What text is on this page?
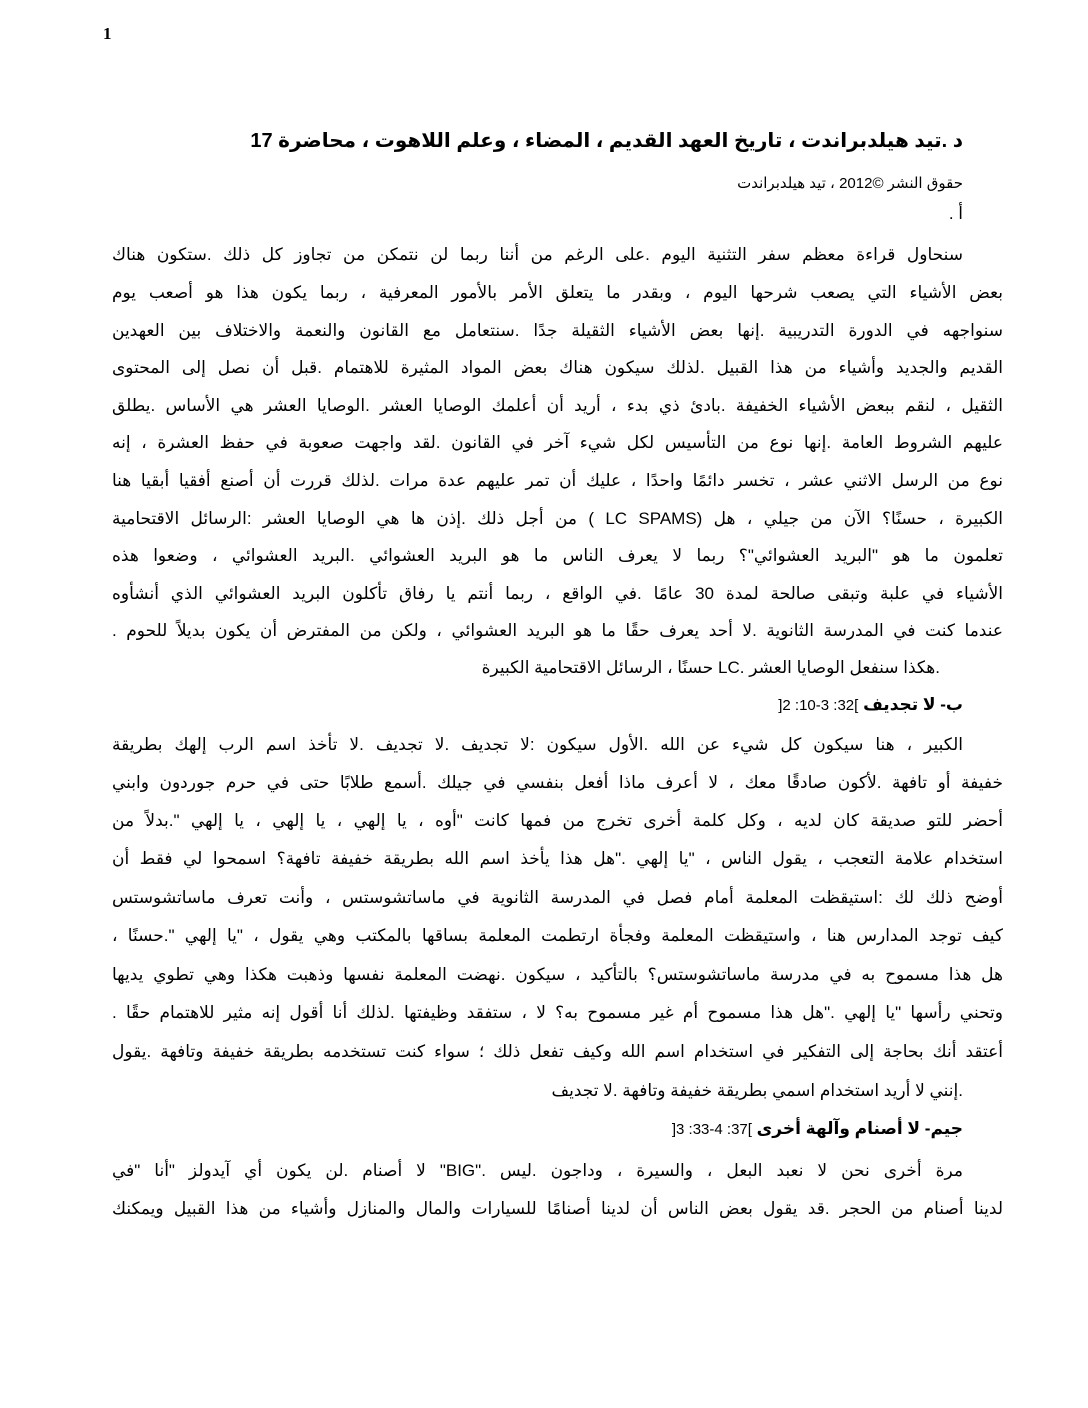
1
د .تيد هيلدبراندت ، تاريخ العهد القديم ، المضاء ، وعلم اللاهوت ، محاضرة 17
حقوق النشر ©2012 ، تيد هيلدبراندت
أ .
سنحاول قراءة معظم سفر التثنية اليوم .على الرغم من أننا ربما لن نتمكن من تجاوز كل ذلك .ستكون هناك
بعض الأشياء التي يصعب شرحها اليوم ، وبقدر ما يتعلق الأمر بالأمور المعرفية ، ربما يكون هذا هو أصعب يوم
سنواجهه في الدورة التدريبية .إنها بعض الأشياء الثقيلة جدًا .سنتعامل مع القانون والنعمة والاختلاف بين العهدين
القديم والجديد وأشياء من هذا القبيل .لذلك سيكون هناك بعض المواد المثيرة للاهتمام .قبل أن نصل إلى المحتوى
الثقيل ، لنقم ببعض الأشياء الخفيفة .بادئ ذي بدء ، أريد أن أعلمك الوصايا العشر .الوصايا العشر هي الأساس .يطلق
عليهم الشروط العامة .إنها نوع من التأسيس لكل شيء آخر في القانون .لقد واجهت صعوبة في حفظ العشرة ، إنه
نوع من الرسل الاثني عشر ، تخسر دائمًا واحدًا ، عليك أن تمر عليهم عدة مرات .لذلك قررت أن أصنع أفقيا أبقيا هنا
الكبيرة ، حسنًا؟ الآن من جيلي ، هل (LC SPAMS ) من أجل ذلك .إذن ها هي الوصايا العشر :الرسائل الاقتحامية
تعلمون ما هو "البريد العشوائي"؟ ربما لا يعرف الناس ما هو البريد العشوائي .البريد العشوائي ، وضعوا هذه
الأشياء في علبة وتبقى صالحة لمدة 30 عامًا .في الواقع ، ربما أنتم يا رفاق تأكلون البريد العشوائي الذي أنشأوه
عندما كنت في المدرسة الثانوية .لا أحد يعرف حقًا ما هو البريد العشوائي ، ولكن من المفترض أن يكون بديلاً للحوم .
.هكذا سنفعل الوصايا العشر .LC حسنًا ، الرسائل الاقتحامية الكبيرة
ب- لا تجديف ]32: 3-10: 2[
الكبير ، هنا سيكون كل شيء عن الله .الأول سيكون :لا تجديف .لا تجديف .لا تأخذ اسم الرب إلهك بطريقة
خفيفة أو تافهة .لأكون صادقًا معك ، لا أعرف ماذا أفعل بنفسي في جيلك .أسمع طلابًا حتى في حرم جوردون وابني
أحضر للتو صديقة كان لديه ، وكل كلمة أخرى تخرج من فمها كانت "أوه ، يا إلهي ، يا إلهي ، يا إلهي ".بدلاً من
استخدام علامة التعجب ، يقول الناس ، "يا إلهي ."هل هذا يأخذ اسم الله بطريقة خفيفة تافهة؟ اسمحوا لي فقط أن
أوضح ذلك لك :استيقظت المعلمة أمام فصل في المدرسة الثانوية في ماساتشوستس ، وأنت تعرف ماساتشوستس
كيف توجد المدارس هنا ، واستيقظت المعلمة وفجأة ارتطمت المعلمة بساقها بالمكتب وهي يقول ، "يا إلهي ".حسنًا ،
هل هذا مسموح به في مدرسة ماساتشوستس؟ بالتأكيد ، سيكون .نهضت المعلمة نفسها وذهبت هكذا وهي تطوي يديها
وتحني رأسها "يا إلهي ."هل هذا مسموح أم غير مسموح به؟ لا ، ستفقد وظيفتها .لذلك أنا أقول إنه مثير للاهتمام حقًا .
أعتقد أنك بحاجة إلى التفكير في استخدام اسم الله وكيف تفعل ذلك ؛ سواء كنت تستخدمه بطريقة خفيفة وتافهة .يقول
.إنني لا أريد استخدام اسمي بطريقة خفيفة وتافهة .لا تجديف
جيم- لا أصنام وآلهة أخرى ]37: 4-33: 3[
مرة أخرى نحن لا نعبد البعل ، والسيرة ، وداجون .ليس ."BIG" لا أصنام .لن يكون أي آيدولز "أنا "في
لدينا أصنام من الحجر .قد يقول بعض الناس أن لدينا أصنامًا للسيارات والمال والمنازل وأشياء من هذا القبيل ويمكنك
